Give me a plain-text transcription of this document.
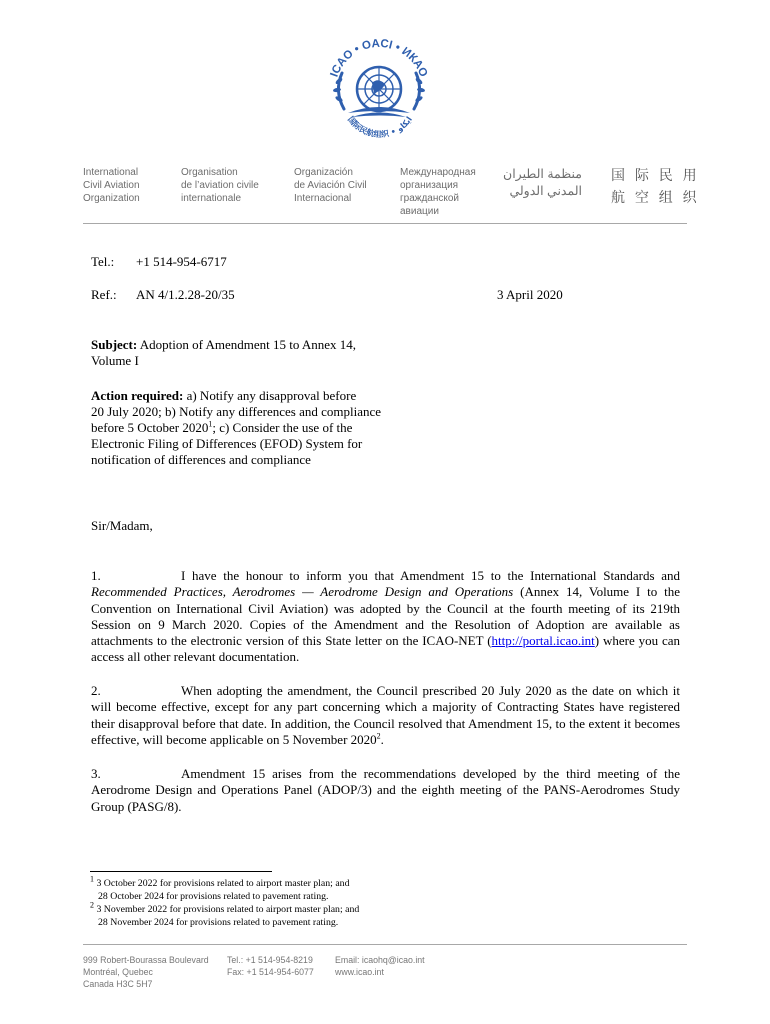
ICAO • OACI • ИКАО
国际民航组织 • ايكاو
International
Civil Aviation
Organization
Organisation
de l’aviation civile
internationale
Organización
de Aviación Civil
Internacional
Международная
организация
гражданской
авиации
منظمة الطيران
المدني الدولي
国 际 民 用
航 空 组 织
Tel.: +1 514-954-6717
Ref.: AN 4/1.2.28-20/35	3 April 2020
Subject: Adoption of Amendment 15 to Annex 14,
Volume I
Action required: a) Notify any disapproval before
20 July 2020; b) Notify any differences and compliance
before 5 October 2020$^1$; c) Consider the use of the
Electronic Filing of Differences (EFOD) System for
notification of differences and compliance
Sir/Madam,
1.	I have the honour to inform you that Amendment 15 to the International Standards and Recommended Practices, Aerodromes — Aerodrome Design and Operations (Annex 14, Volume I to the Convention on International Civil Aviation) was adopted by the Council at the fourth meeting of its 219th Session on 9 March 2020. Copies of the Amendment and the Resolution of Adoption are available as attachments to the electronic version of this State letter on the ICAO-NET (http://portal.icao.int) where you can access all other relevant documentation.
2.	When adopting the amendment, the Council prescribed 20 July 2020 as the date on which it will become effective, except for any part concerning which a majority of Contracting States have registered their disapproval before that date. In addition, the Council resolved that Amendment 15, to the extent it becomes effective, will become applicable on 5 November 2020$^2$.
3.	Amendment 15 arises from the recommendations developed by the third meeting of the Aerodrome Design and Operations Panel (ADOP/3) and the eighth meeting of the PANS-Aerodromes Study Group (PASG/8).
$^1$ 3 October 2022 for provisions related to airport master plan; and
28 October 2024 for provisions related to pavement rating.
$^2$ 3 November 2022 for provisions related to airport master plan; and
28 November 2024 for provisions related to pavement rating.
999 Robert-Bourassa Boulevard
Montréal, Quebec
Canada H3C 5H7
Tel.: +1 514-954-8219
Fax: +1 514-954-6077
Email: icaohq@icao.int
www.icao.int
